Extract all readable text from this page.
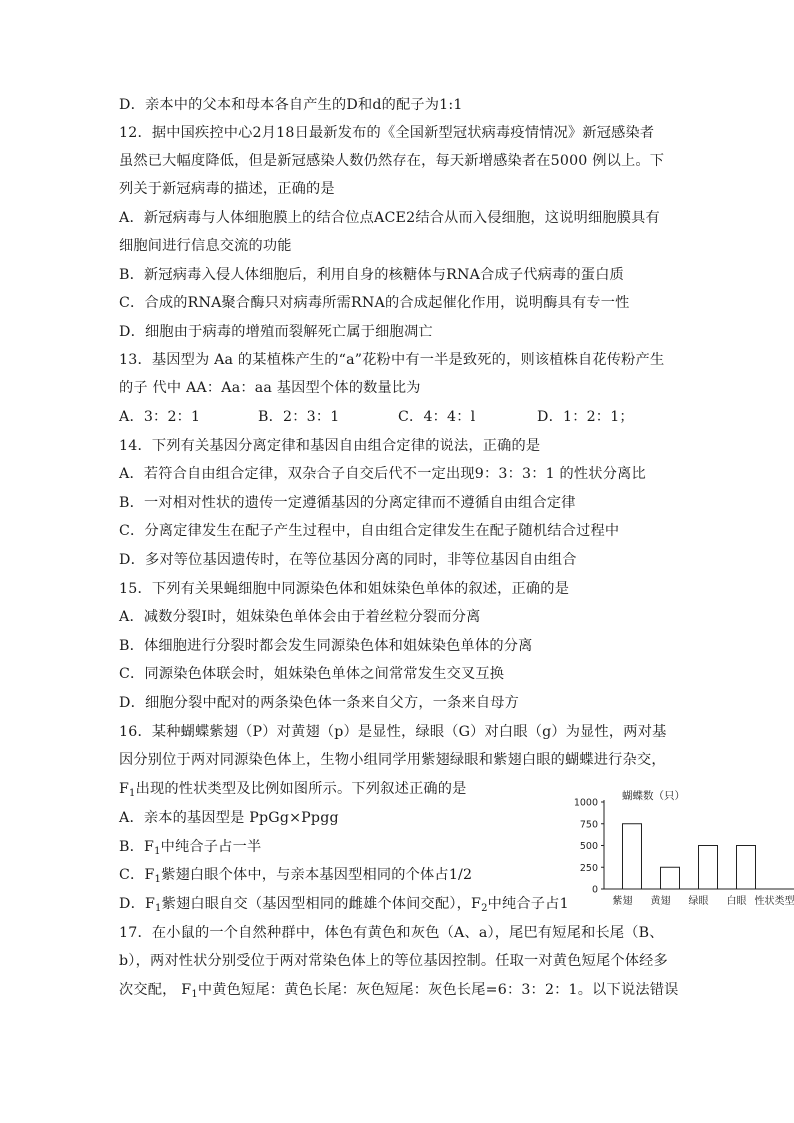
D．亲本中的父本和母本各自产生的D和d的配子为1:1
12．据中国疾控中心2月18日最新发布的《全国新型冠状病毒疫情情况》新冠感染者
虽然已大幅度降低，但是新冠感染人数仍然存在，每天新增感染者在5000 例以上。下
列关于新冠病毒的描述，正确的是
A．新冠病毒与人体细胞膜上的结合位点ACE2结合从而入侵细胞，这说明细胞膜具有
细胞间进行信息交流的功能
B．新冠病毒入侵人体细胞后，利用自身的核糖体与RNA合成子代病毒的蛋白质
C．合成的RNA聚合酶只对病毒所需RNA的合成起催化作用，说明酶具有专一性
D．细胞由于病毒的增殖而裂解死亡属于细胞凋亡
13．基因型为 Aa 的某植株产生的“a”花粉中有一半是致死的，则该植株自花传粉产生
的子 代中 AA：Aa：aa 基因型个体的数量比为
A．3：2：1	B．2：3：1	C．4：4：l	D．1：2：1；
14．下列有关基因分离定律和基因自由组合定律的说法，正确的是
A．若符合自由组合定律，双杂合子自交后代不一定出现9：3：3：1 的性状分离比
B．一对相对性状的遗传一定遵循基因的分离定律而不遵循自由组合定律
C．分离定律发生在配子产生过程中，自由组合定律发生在配子随机结合过程中
D．多对等位基因遗传时，在等位基因分离的同时，非等位基因自由组合
15．下列有关果蝇细胞中同源染色体和姐妹染色单体的叙述，正确的是
A．减数分裂Ⅰ时，姐妹染色单体会由于着丝粒分裂而分离
B．体细胞进行分裂时都会发生同源染色体和姐妹染色单体的分离
C．同源染色体联会时，姐妹染色单体之间常常发生交叉互换
D．细胞分裂中配对的两条染色体一条来自父方，一条来自母方
16．某种蝴蝶紫翅（P）对黄翅（p）是显性，绿眼（G）对白眼（g）为显性，两对基
因分别位于两对同源染色体上，生物小组同学用紫翅绿眼和紫翅白眼的蝴蝶进行杂交，
$F_1$出现的性状类型及比例如图所示。下列叙述正确的是
A．亲本的基因型是 PpGg×Ppgg
B．$F_1$中纯合子占一半
C．$F_1$紫翅白眼个体中，与亲本基因型相同的个体占1/2
D．$F_1$紫翅白眼自交（基因型相同的雌雄个体间交配），$F_2$中纯合子占1
17．在小鼠的一个自然种群中，体色有黄色和灰色（A、a），尾巴有短尾和长尾（B、
b），两对性状分别受位于两对常染色体上的等位基因控制。任取一对黄色短尾个体经多
次交配， $F_1$中黄色短尾：黄色长尾：灰色短尾：灰色长尾=6：3：2：1。以下说法错误
蝴蝶数（只）
0
250
500
750
1000
紫翅 黄翅 绿眼 白眼 性状类型
